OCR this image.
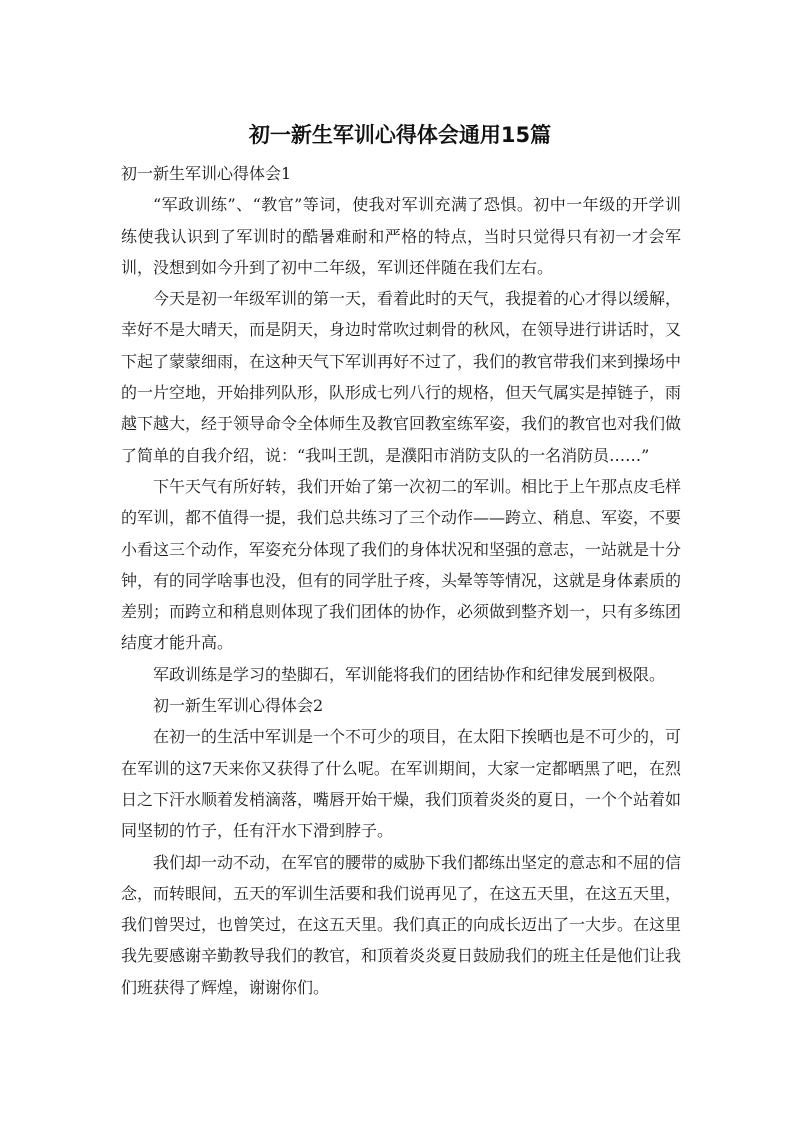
初一新生军训心得体会通用15篇

初一新生军训心得体会1

“军政训练”、“教官”等词，使我对军训充满了恐惧。初中一年级的开学训练使我认识到了军训时的酷暑难耐和严格的特点，当时只觉得只有初一才会军训，没想到如今升到了初中二年级，军训还伴随在我们左右。

今天是初一年级军训的第一天，看着此时的天气，我提着的心才得以缓解，幸好不是大晴天，而是阴天，身边时常吹过刺骨的秋风，在领导进行讲话时，又下起了蒙蒙细雨，在这种天气下军训再好不过了，我们的教官带我们来到操场中的一片空地，开始排列队形，队形成七列八行的规格，但天气属实是掉链子，雨越下越大，经于领导命令全体师生及教官回教室练军姿，我们的教官也对我们做了简单的自我介绍，说：“我叫王凯，是濮阳市消防支队的一名消防员……”

下午天气有所好转，我们开始了第一次初二的军训。相比于上午那点皮毛样的军训，都不值得一提，我们总共练习了三个动作——跨立、稍息、军姿，不要小看这三个动作，军姿充分体现了我们的身体状况和坚强的意志，一站就是十分钟，有的同学啥事也没，但有的同学肚子疼，头晕等等情况，这就是身体素质的差别；而跨立和稍息则体现了我们团体的协作，必须做到整齐划一，只有多练团结度才能升高。

军政训练是学习的垫脚石，军训能将我们的团结协作和纪律发展到极限。

初一新生军训心得体会2

在初一的生活中军训是一个不可少的项目，在太阳下挨晒也是不可少的，可在军训的这7天来你又获得了什么呢。在军训期间，大家一定都晒黑了吧，在烈日之下汗水顺着发梢滴落，嘴唇开始干燥，我们顶着炎炎的夏日，一个个站着如同坚韧的竹子，任有汗水下滑到脖子。

我们却一动不动，在军官的腰带的威胁下我们都练出坚定的意志和不屈的信念，而转眼间，五天的军训生活要和我们说再见了，在这五天里，在这五天里，我们曾哭过，也曾笑过，在这五天里。我们真正的向成长迈出了一大步。在这里我先要感谢辛勤教导我们的教官，和顶着炎炎夏日鼓励我们的班主任是他们让我们班获得了辉煌，谢谢你们。
